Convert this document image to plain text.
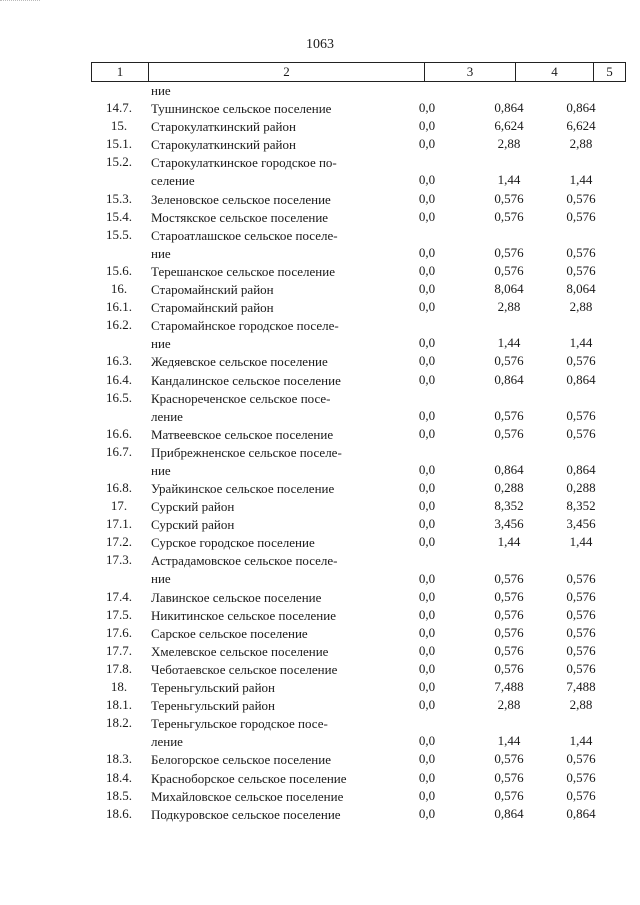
1063
1	2	3	4	5
ние
14.7.	Тушнинское сельское поселение	0,0	0,864	0,864
15.	Старокулаткинский район	0,0	6,624	6,624
15.1.	Старокулаткинский район	0,0	2,88	2,88
15.2.	Старокулаткинское городское по-
селение	0,0	1,44	1,44
15.3.	Зеленовское сельское поселение	0,0	0,576	0,576
15.4.	Мостякское сельское поселение	0,0	0,576	0,576
15.5.	Староатлашское сельское поселе-
ние	0,0	0,576	0,576
15.6.	Терешанское сельское поселение	0,0	0,576	0,576
16.	Старомайнский район	0,0	8,064	8,064
16.1.	Старомайнский район	0,0	2,88	2,88
16.2.	Старомайнское городское поселе-
ние	0,0	1,44	1,44
16.3.	Жедяевское сельское поселение	0,0	0,576	0,576
16.4.	Кандалинское сельское поселение	0,0	0,864	0,864
16.5.	Краснореченское сельское посе-
ление	0,0	0,576	0,576
16.6.	Матвеевское сельское поселение	0,0	0,576	0,576
16.7.	Прибрежненское сельское поселе-
ние	0,0	0,864	0,864
16.8.	Урайкинское сельское поселение	0,0	0,288	0,288
17.	Сурский район	0,0	8,352	8,352
17.1.	Сурский район	0,0	3,456	3,456
17.2.	Сурское городское поселение	0,0	1,44	1,44
17.3.	Астрадамовское сельское поселе-
ние	0,0	0,576	0,576
17.4.	Лавинское сельское поселение	0,0	0,576	0,576
17.5.	Никитинское сельское поселение	0,0	0,576	0,576
17.6.	Сарское сельское поселение	0,0	0,576	0,576
17.7.	Хмелевское сельское поселение	0,0	0,576	0,576
17.8.	Чеботаевское сельское поселение	0,0	0,576	0,576
18.	Тереньгульский район	0,0	7,488	7,488
18.1.	Тереньгульский район	0,0	2,88	2,88
18.2.	Тереньгульское городское посе-
ление	0,0	1,44	1,44
18.3.	Белогорское сельское поселение	0,0	0,576	0,576
18.4.	Красноборское сельское поселение	0,0	0,576	0,576
18.5.	Михайловское сельское поселение	0,0	0,576	0,576
18.6.	Подкуровское сельское поселение	0,0	0,864	0,864
